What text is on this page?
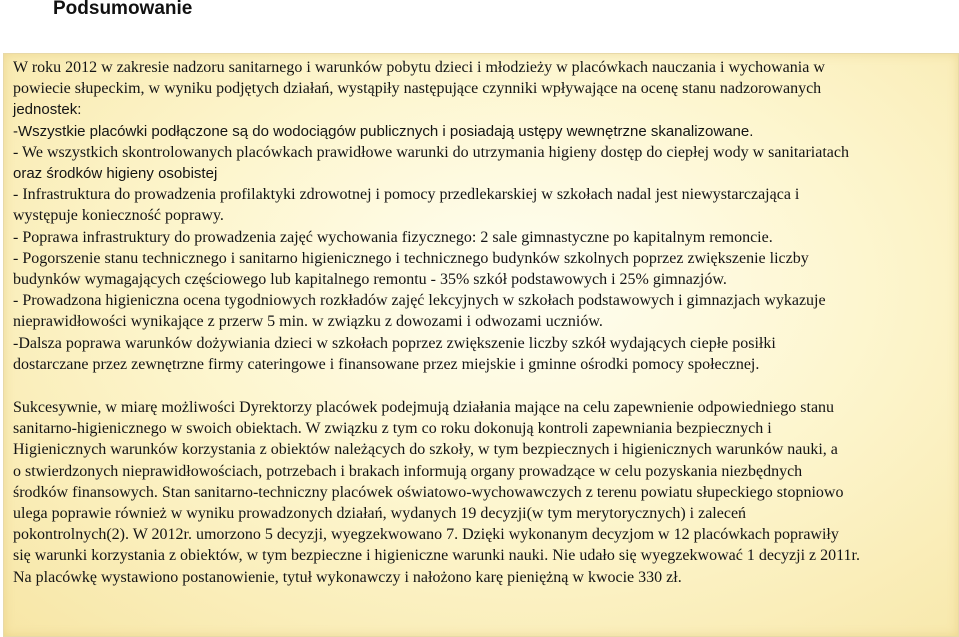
Podsumowanie

W roku 2012 w zakresie nadzoru sanitarnego i warunków pobytu dzieci i młodzieży w placówkach nauczania i wychowania w
powiecie słupeckim, w wyniku podjętych działań, wystąpiły następujące czynniki wpływające na ocenę stanu nadzorowanych
jednostek:
-Wszystkie placówki podłączone są do wodociągów publicznych i posiadają ustępy wewnętrzne skanalizowane.
- We wszystkich skontrolowanych placówkach prawidłowe warunki do utrzymania higieny dostęp do ciepłej wody w sanitariatach
oraz środków higieny osobistej
- Infrastruktura do prowadzenia profilaktyki zdrowotnej i pomocy przedlekarskiej w szkołach nadal jest niewystarczająca i
występuje konieczność poprawy.
- Poprawa infrastruktury do prowadzenia zajęć wychowania fizycznego: 2 sale gimnastyczne po kapitalnym remoncie.
- Pogorszenie stanu technicznego i sanitarno higienicznego i technicznego budynków szkolnych poprzez zwiększenie liczby
budynków wymagających częściowego lub kapitalnego remontu - 35% szkół podstawowych i 25% gimnazjów.
- Prowadzona higieniczna ocena tygodniowych rozkładów zajęć lekcyjnych w szkołach podstawowych i gimnazjach wykazuje
nieprawidłowości wynikające z przerw 5 min. w związku z dowozami i odwozami uczniów.
-Dalsza poprawa warunków dożywiania dzieci w szkołach poprzez zwiększenie liczby szkół wydających ciepłe posiłki
dostarczane przez zewnętrzne firmy cateringowe i finansowane przez miejskie i gminne ośrodki pomocy społecznej.

Sukcesywnie, w miarę możliwości Dyrektorzy placówek podejmują działania mające na celu zapewnienie odpowiedniego stanu
sanitarno-higienicznego w swoich obiektach. W związku z tym co roku dokonują kontroli zapewniania bezpiecznych i
Higienicznych warunków korzystania z obiektów należących do szkoły, w tym bezpiecznych i higienicznych warunków nauki, a
o stwierdzonych nieprawidłowościach, potrzebach i brakach informują organy prowadzące w celu pozyskania niezbędnych
środków finansowych. Stan sanitarno-techniczny placówek oświatowo-wychowawczych z terenu powiatu słupeckiego stopniowo
ulega poprawie również w wyniku prowadzonych działań, wydanych 19 decyzji(w tym merytorycznych) i zaleceń
pokontrolnych(2). W 2012r. umorzono 5 decyzji, wyegzekwowano 7. Dzięki wykonanym decyzjom w 12 placówkach poprawiły
się warunki korzystania z obiektów, w tym bezpieczne i higieniczne warunki nauki. Nie udało się wyegzekwować 1 decyzji z 2011r.
Na placówkę wystawiono postanowienie, tytuł wykonawczy i nałożono karę pieniężną w kwocie 330 zł.
